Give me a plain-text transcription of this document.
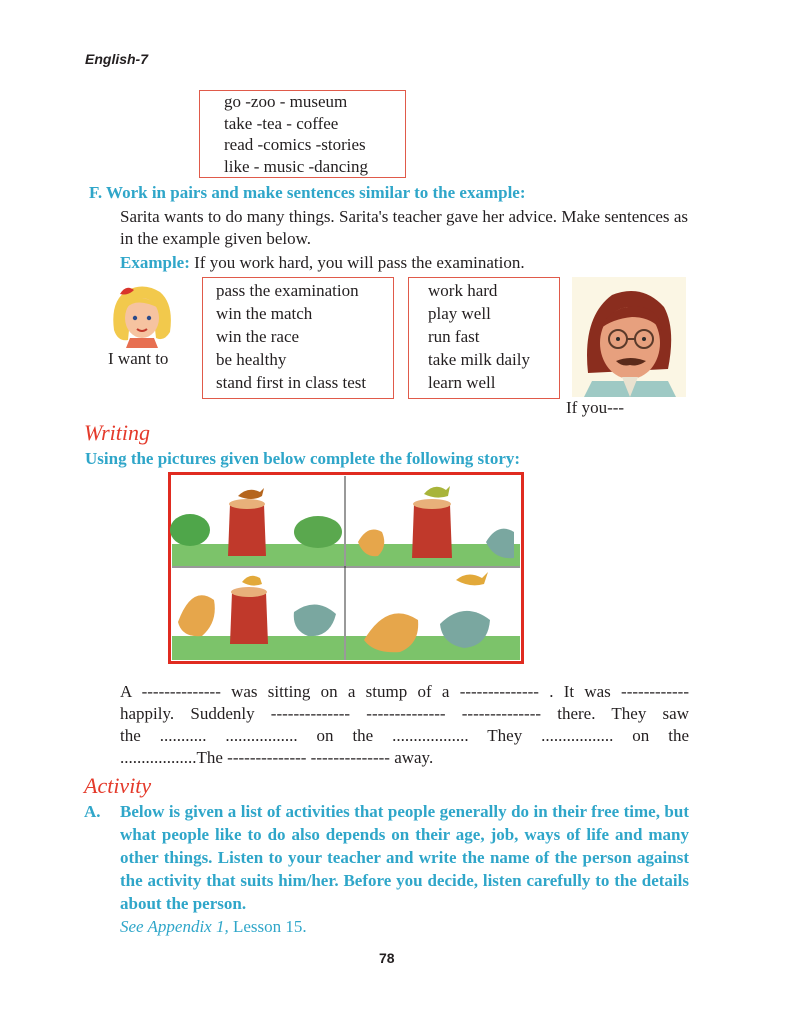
English-7
go -zoo - museum
take -tea - coffee
read -comics -stories
like - music -dancing
F. Work in pairs and make sentences similar to the example:
Sarita wants to do many things. Sarita's teacher gave her advice. Make sentences as in the example given below.
Example: If you work hard, you will pass the examination.
I want to
pass the examination
win the match
win the race
be healthy
stand first in class test
work hard
play well
run fast
take milk daily
learn well
If you---
Writing
Using the pictures given below complete the following story:
A -------------- was sitting on a stump of a -------------- . It was ------------
happily. Suddenly -------------- -------------- -------------- there. They saw
the ........... ................. on the .................. They ................. on the
..................The -------------- -------------- away.
Activity
A. Below is given a list of activities that people generally do in their free time, but what people like to do also depends on their age, job, ways of life and many other things. Listen to your teacher and write the name of the person against the activity that suits him/her. Before you decide, listen carefully to the details about the person.
See Appendix 1, Lesson 15.
78
